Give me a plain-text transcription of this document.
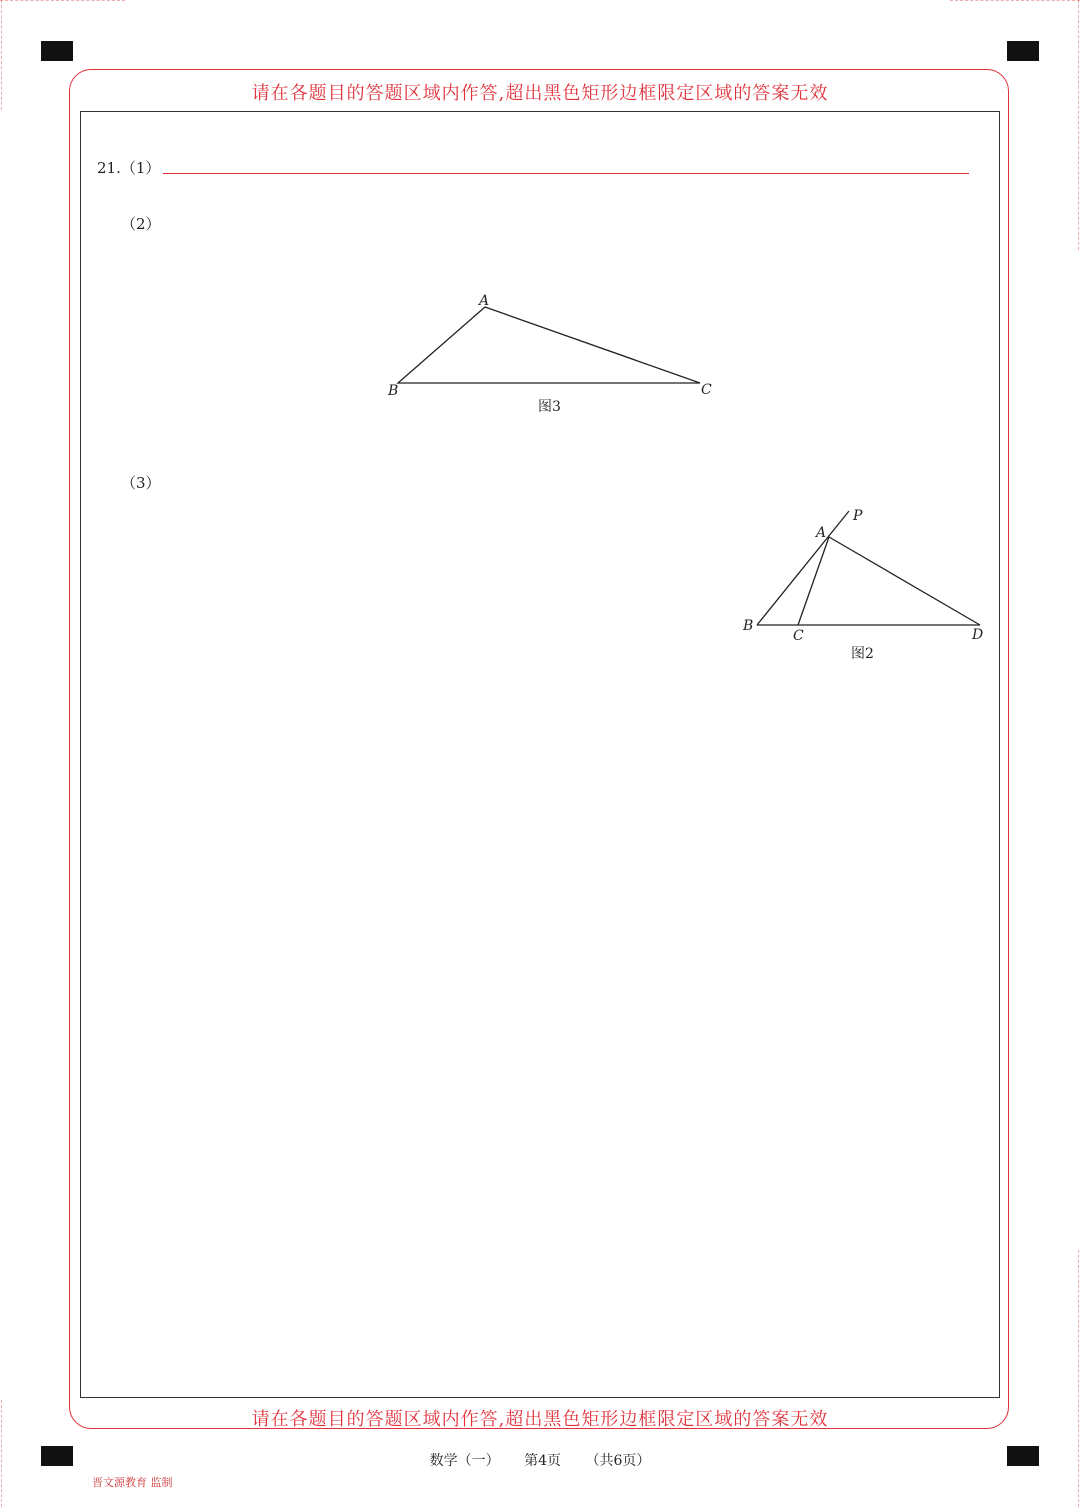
请在各题目的答题区域内作答,超出黑色矩形边框限定区域的答案无效
请在各题目的答题区域内作答,超出黑色矩形边框限定区域的答案无效
21.（1）
（2）
（3）
A
B	C
图3
P
A
B
C	D
图2
数学（一） 第4页 （共6页）
晋文源教育 监制
